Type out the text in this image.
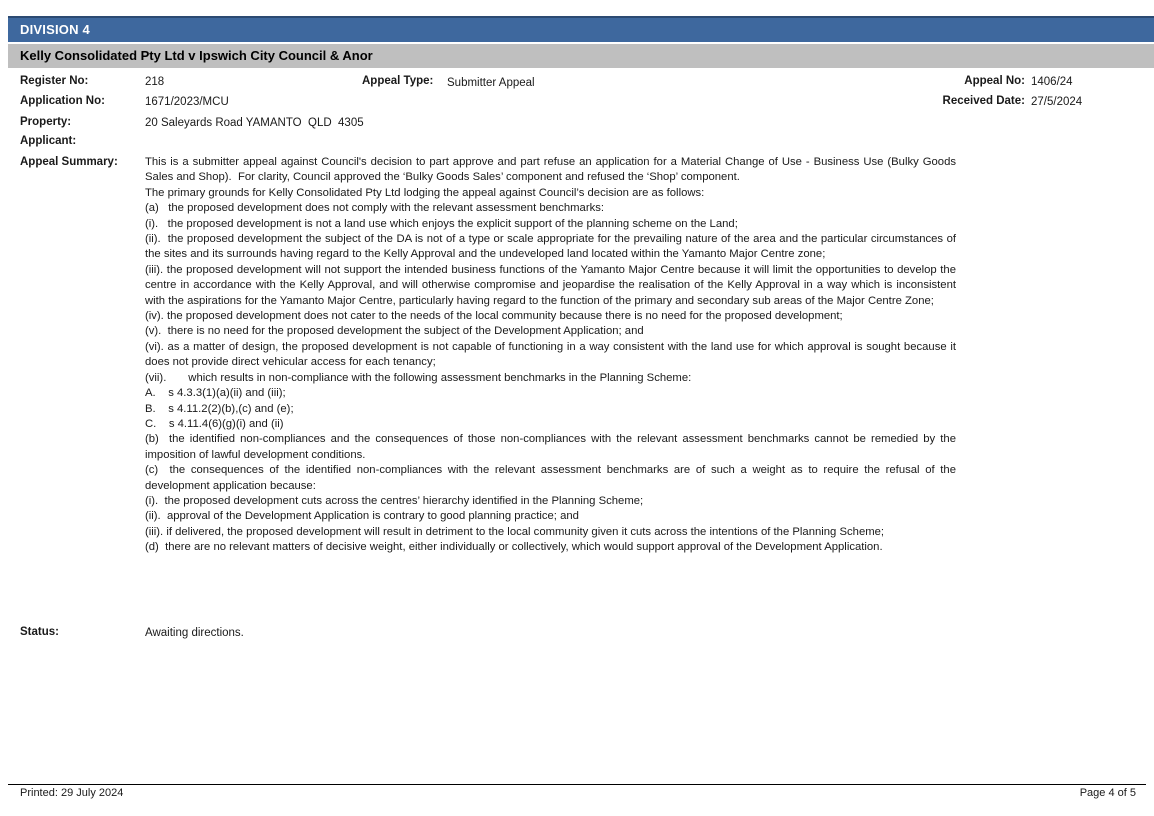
DIVISION 4
Kelly Consolidated Pty Ltd v Ipswich City Council & Anor
Register No:	218	Appeal Type: Submitter Appeal	Appeal No: 1406/24
Application No:	1671/2023/MCU	Received Date: 27/5/2024
Property:	20 Saleyards Road YAMANTO  QLD  4305
Applicant:
Appeal Summary: This is a submitter appeal against Council's decision to part approve and part refuse an application for a Material Change of Use - Business Use (Bulky Goods Sales and Shop).  For clarity, Council approved the ‘Bulky Goods Sales’ component and refused the ‘Shop’ component.

The primary grounds for Kelly Consolidated Pty Ltd lodging the appeal against Council’s decision are as follows:

(a)   the proposed development does not comply with the relevant assessment benchmarks:

(i).   the proposed development is not a land use which enjoys the explicit support of the planning scheme on the Land;

(ii).  the proposed development the subject of the DA is not of a type or scale appropriate for the prevailing nature of the area and the particular circumstances of the sites and its surrounds having regard to the Kelly Approval and the undeveloped land located within the Yamanto Major Centre zone;

(iii). the proposed development will not support the intended business functions of the Yamanto Major Centre because it will limit the opportunities to develop the centre in accordance with the Kelly Approval, and will otherwise compromise and jeopardise the realisation of the Kelly Approval in a way which is inconsistent with the aspirations for the Yamanto Major Centre, particularly having regard to the function of the primary and secondary sub areas of the Major Centre Zone;

(iv). the proposed development does not cater to the needs of the local community because there is no need for the proposed development;

(v).  there is no need for the proposed development the subject of the Development Application; and

(vi). as a matter of design, the proposed development is not capable of functioning in a way consistent with the land use for which approval is sought because it does not provide direct vehicular access for each tenancy;

(vii).       which results in non-compliance with the following assessment benchmarks in the Planning Scheme:

A.    s 4.3.3(1)(a)(ii) and (iii);

B.    s 4.11.2(2)(b),(c) and (e);

C.    s 4.11.4(6)(g)(i) and (ii)

(b)  the identified non-compliances and the consequences of those non-compliances with the relevant assessment benchmarks cannot be remedied by the imposition of lawful development conditions.

(c)  the consequences of the identified non-compliances with the relevant assessment benchmarks are of such a weight as to require the refusal of the development application because:

(i).  the proposed development cuts across the centres’ hierarchy identified in the Planning Scheme;

(ii).  approval of the Development Application is contrary to good planning practice; and

(iii). if delivered, the proposed development will result in detriment to the local community given it cuts across the intentions of the Planning Scheme;

(d)  there are no relevant matters of decisive weight, either individually or collectively, which would support approval of the Development Application.

Status:	Awaiting directions.
Printed: 29 July 2024	Page 4 of 5
